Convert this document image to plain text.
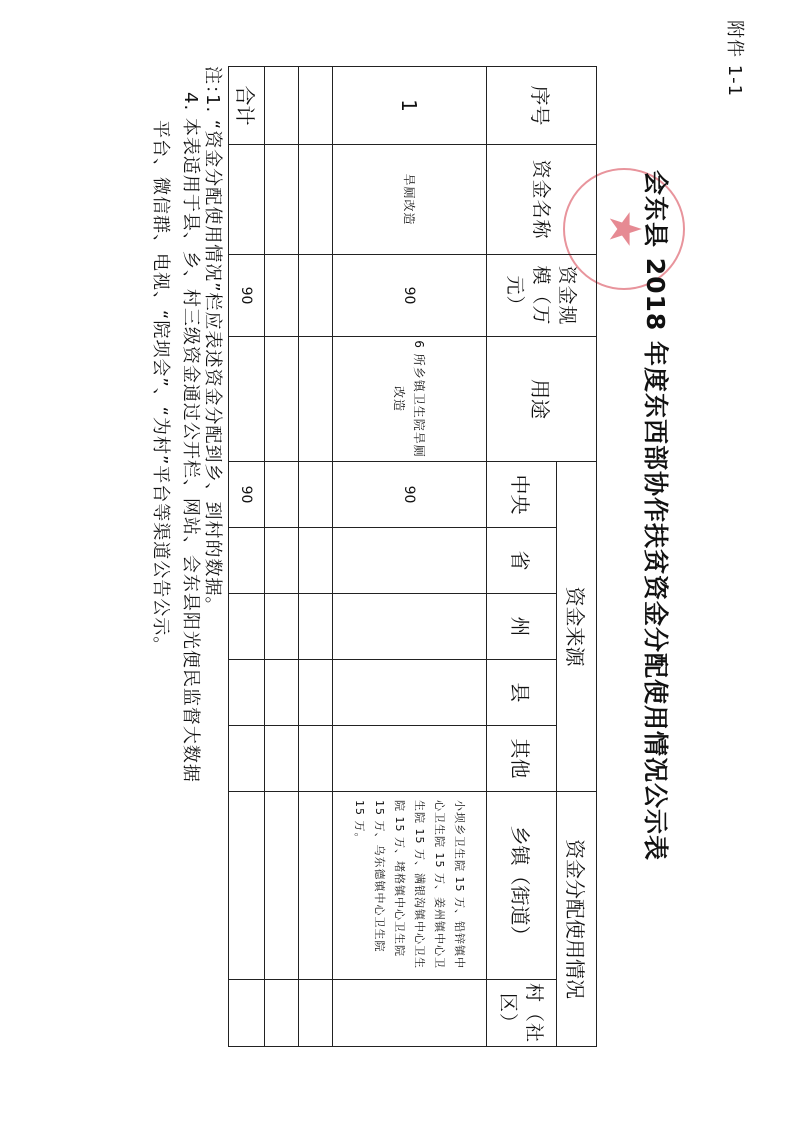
附件 1-1
★
会东县 2018 年度东西部协作扶贫资金分配使用情况公示表
序号	资金名称	资金规模（万元）	用途	资金来源					资金分配使用情况	
				中央	省	州	县	其他	乡镇（街道）	村（社区）
1	旱厕改造	90	6 所乡镇卫生院旱厕改造	90					小坝乡卫生院 15 万、铅锌镇中心卫生院 15 万、姜州镇中心卫生院 15 万、满银沟镇中心卫生院 15 万、堵格镇中心卫生院 15 万、乌东德镇中心卫生院 15 万。	

合计		90		90						
注：1. “资金分配使用情况”栏应表述资金分配到乡、到村的数据。
4. 本表适用于县、乡、村三级资金通过公开栏、网站、会东县阳光便民监督大数据
平台、微信群、电视、“院坝会”、“为村”平台等渠道公告公示。
